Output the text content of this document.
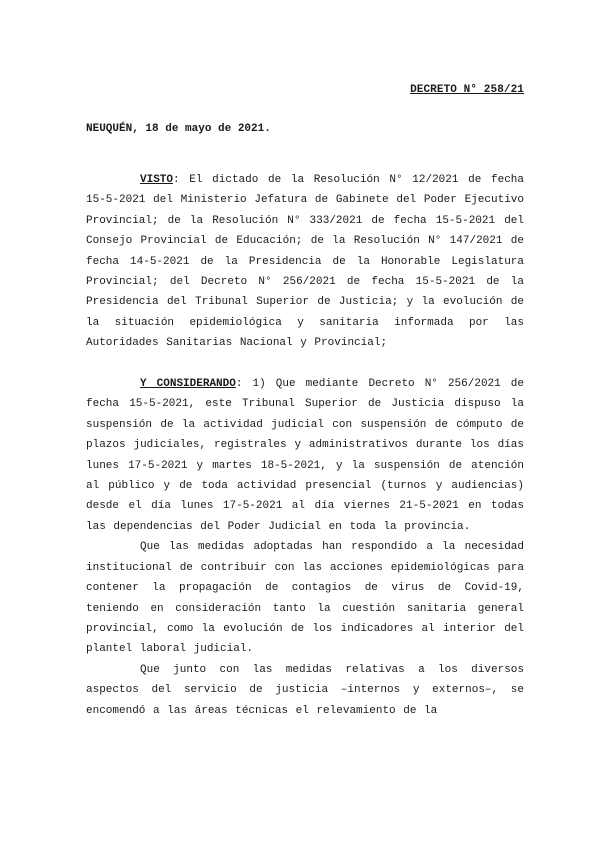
DECRETO N° 258/21
NEUQUÉN, 18 de mayo de 2021.

VISTO: El dictado de la Resolución N° 12/2021 de fecha 15-5-2021 del Ministerio Jefatura de Gabinete del Poder Ejecutivo Provincial; de la Resolución N° 333/2021 de fecha 15-5-2021 del Consejo Provincial de Educación; de la Resolución N° 147/2021 de fecha 14-5-2021 de la Presidencia de la Honorable Legislatura Provincial; del Decreto N° 256/2021 de fecha 15-5-2021 de la Presidencia del Tribunal Superior de Justicia; y la evolución de la situación epidemiológica y sanitaria informada por las Autoridades Sanitarias Nacional y Provincial;

Y CONSIDERANDO: 1) Que mediante Decreto N° 256/2021 de fecha 15-5-2021, este Tribunal Superior de Justicia dispuso la suspensión de la actividad judicial con suspensión de cómputo de plazos judiciales, registrales y administrativos durante los días lunes 17-5-2021 y martes 18-5-2021, y la suspensión de atención al público y de toda actividad presencial (turnos y audiencias) desde el día lunes 17-5-2021 al día viernes 21-5-2021 en todas las dependencias del Poder Judicial en toda la provincia.

Que las medidas adoptadas han respondido a la necesidad institucional de contribuir con las acciones epidemiológicas para contener la propagación de contagios de virus de Covid-19, teniendo en consideración tanto la cuestión sanitaria general provincial, como la evolución de los indicadores al interior del plantel laboral judicial.

Que junto con las medidas relativas a los diversos aspectos del servicio de justicia –internos y externos–, se encomendó a las áreas técnicas el relevamiento de la
